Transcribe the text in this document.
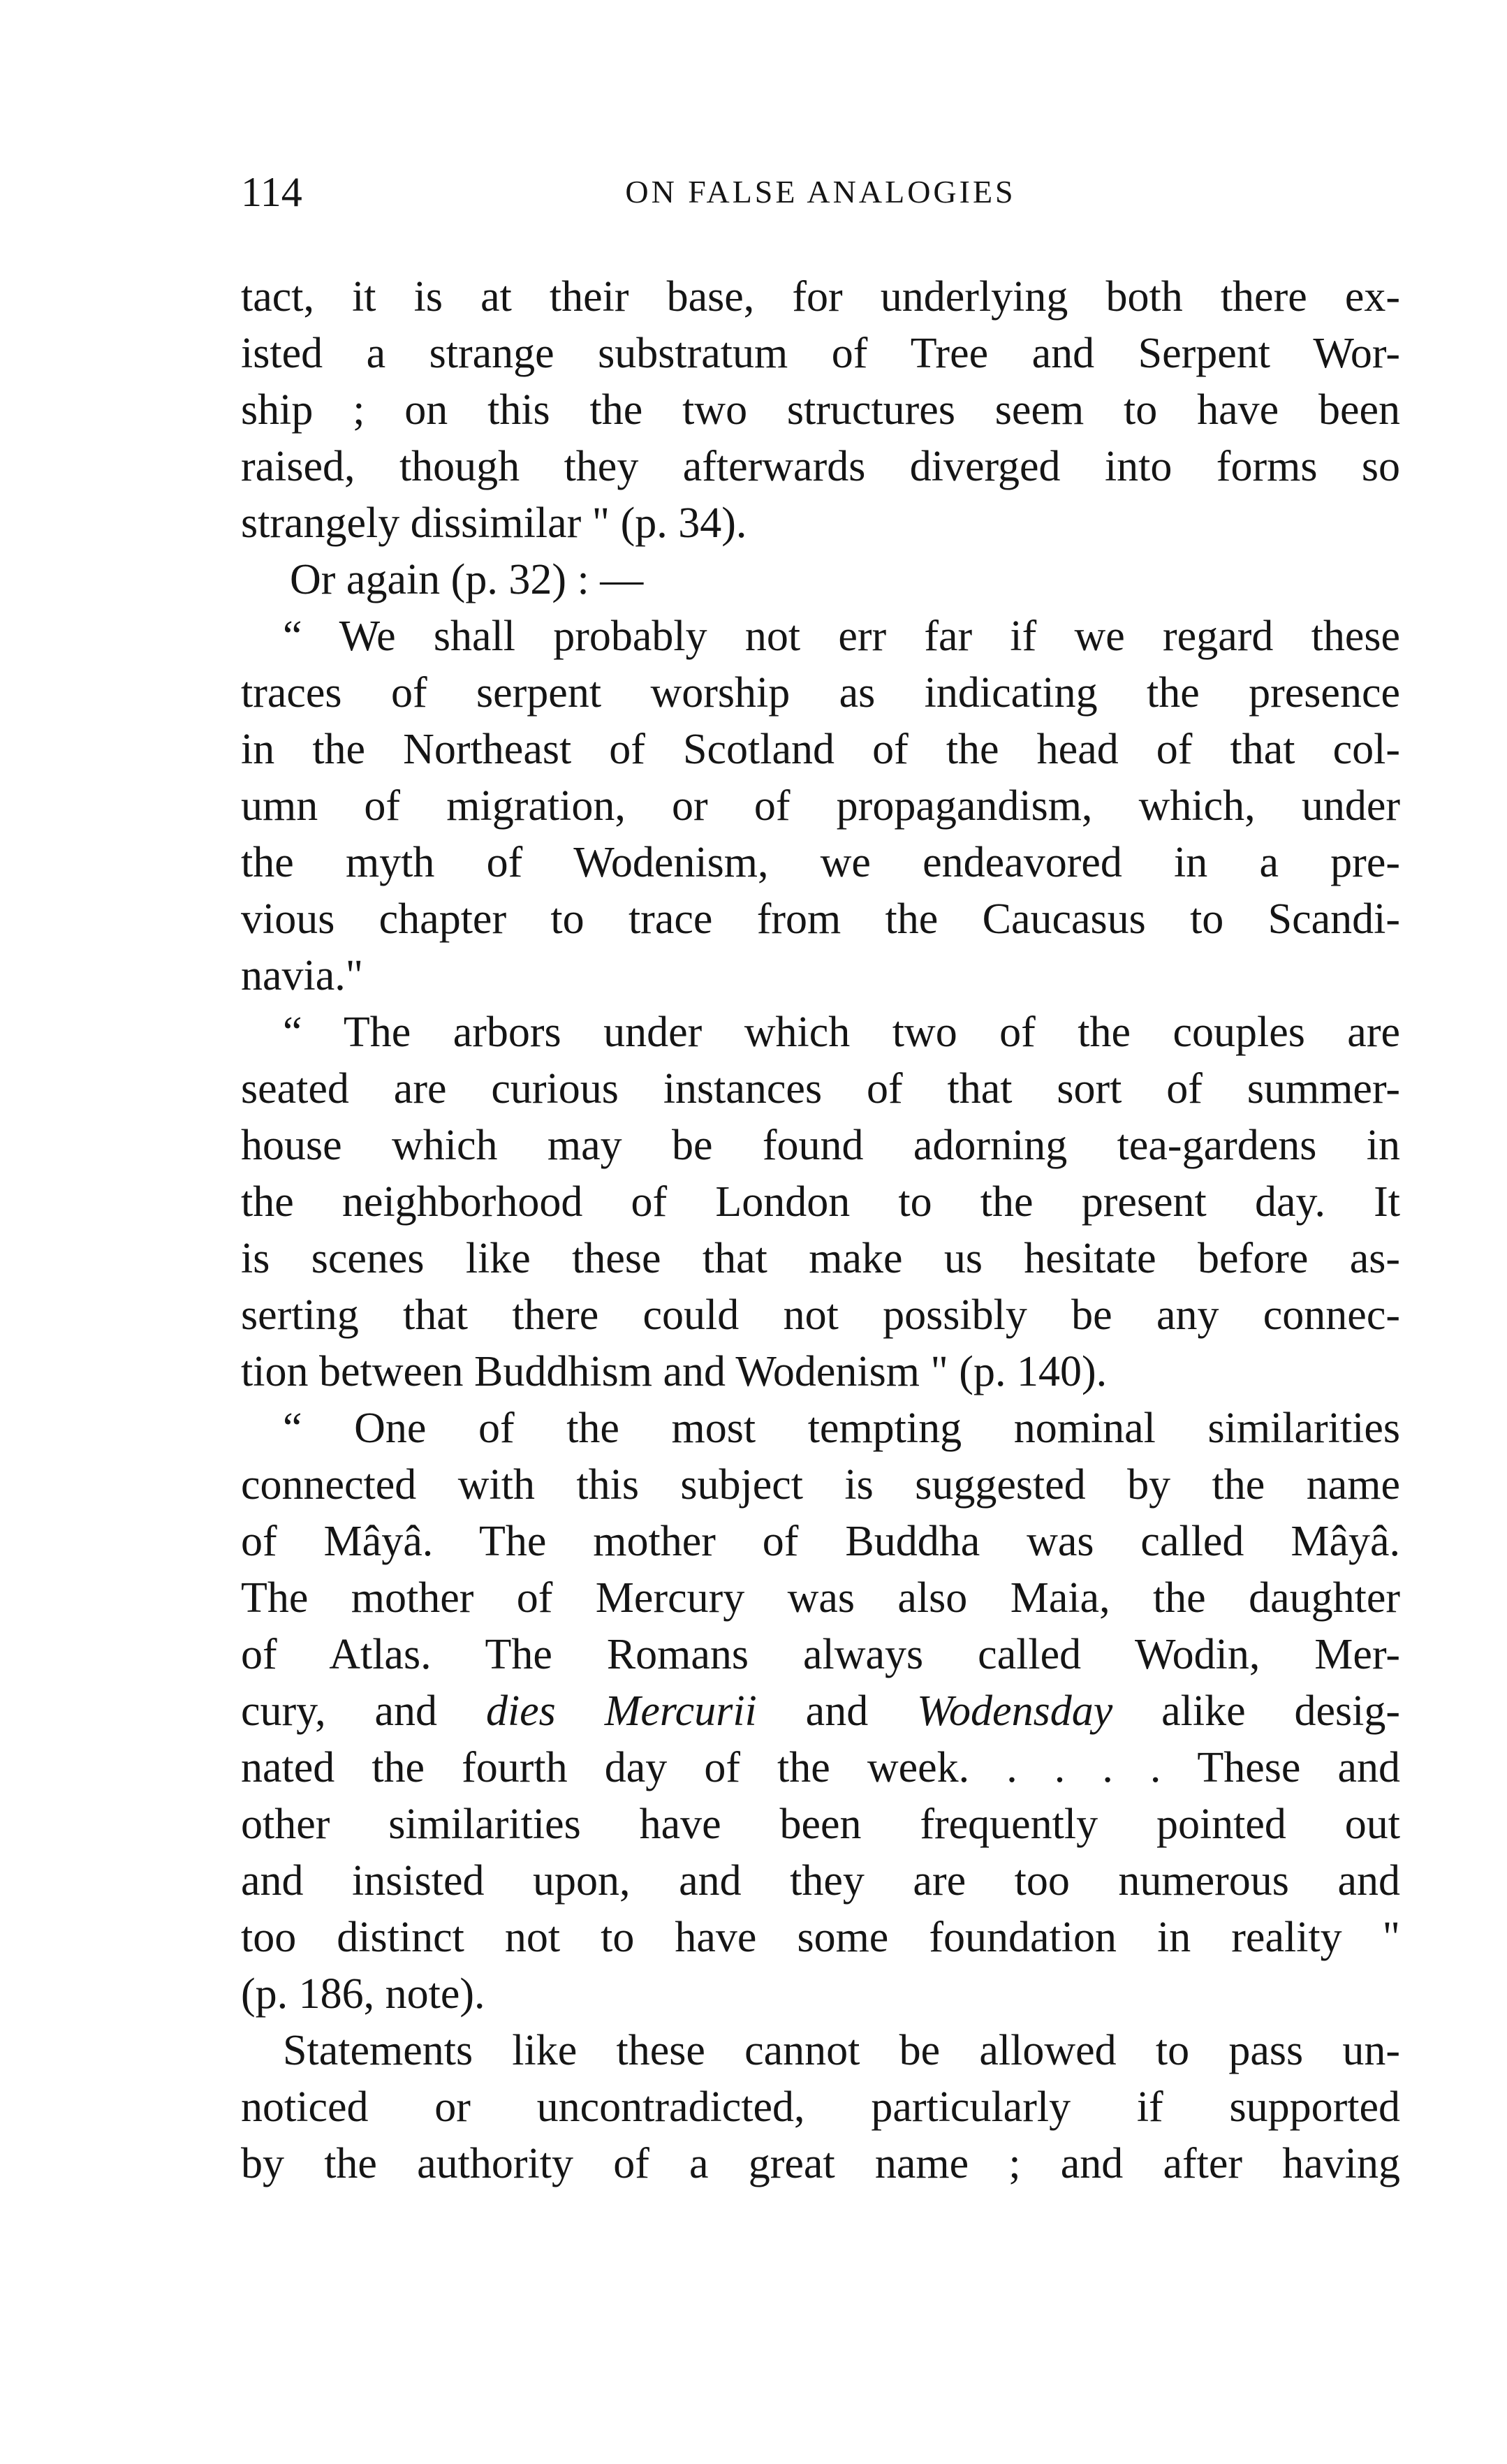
114	ON FALSE ANALOGIES
tact, it is at their base, for underlying both there ex-
isted a strange substratum of Tree and Serpent Wor-
ship ; on this the two structures seem to have been
raised, though they afterwards diverged into forms so
strangely dissimilar " (p. 34).
Or again (p. 32) : —
“ We shall probably not err far if we regard these
traces of serpent worship as indicating the presence
in the Northeast of Scotland of the head of that col-
umn of migration, or of propagandism, which, under
the myth of Wodenism, we endeavored in a pre-
vious chapter to trace from the Caucasus to Scandi-
navia."
“ The arbors under which two of the couples are
seated are curious instances of that sort of summer-
house which may be found adorning tea-gardens in
the neighborhood of London to the present day. It
is scenes like these that make us hesitate before as-
serting that there could not possibly be any connec-
tion between Buddhism and Wodenism " (p. 140).
“ One of the most tempting nominal similarities
connected with this subject is suggested by the name
of Mâyâ. The mother of Buddha was called Mâyâ.
The mother of Mercury was also Maia, the daughter
of Atlas. The Romans always called Wodin, Mer-
cury, and dies Mercurii and Wodensday alike desig-
nated the fourth day of the week. . . . . These and
other similarities have been frequently pointed out
and insisted upon, and they are too numerous and
too distinct not to have some foundation in reality "
(p. 186, note).
Statements like these cannot be allowed to pass un-
noticed or uncontradicted, particularly if supported
by the authority of a great name ; and after having
